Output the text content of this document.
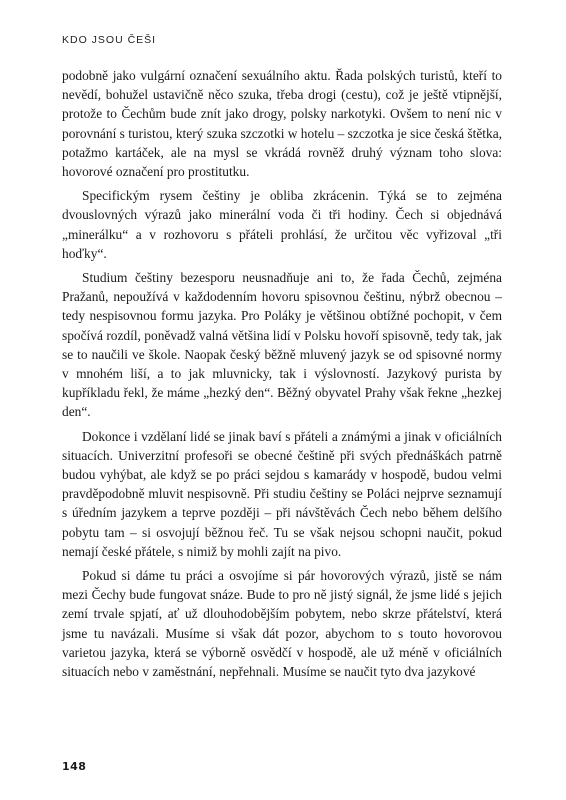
KDO JSOU ČEŠI

podobně jako vulgární označení sexuálního aktu. Řada polských turistů, kteří to nevědí, bohužel ustavičně něco szuka, třeba drogi (cestu), což je ještě vtipnější, protože to Čechům bude znít jako drogy, polsky narkotyki. Ovšem to není nic v porovnání s turistou, který szuka szczotki w hotelu – szczotka je sice česká štětka, potažmo kartáček, ale na mysl se vkrádá rovněž druhý význam toho slova: hovorové označení pro prostitutku.

Specifickým rysem češtiny je obliba zkrácenin. Týká se to zejména dvouslovných výrazů jako minerální voda či tři hodiny. Čech si objednává „minerálku“ a v rozhovoru s přáteli prohlásí, že určitou věc vyřizoval „tři hoďky“.

Studium češtiny bezesporu neusnadňuje ani to, že řada Čechů, zejména Pražanů, nepoužívá v každodenním hovoru spisovnou češtinu, nýbrž obecnou – tedy nespisovnou formu jazyka. Pro Poláky je většinou obtížné pochopit, v čem spočívá rozdíl, poněvadž valná většina lidí v Polsku hovoří spisovně, tedy tak, jak se to naučili ve škole. Naopak český běžně mluvený jazyk se od spisovné normy v mnohém liší, a to jak mluvnicky, tak i výslovností. Jazykový purista by kupříkladu řekl, že máme „hezký den“. Běžný obyvatel Prahy však řekne „hezkej den“.

Dokonce i vzdělaní lidé se jinak baví s přáteli a známými a jinak v oficiálních situacích. Univerzitní profesoři se obecné češtině při svých přednáškách patrně budou vyhýbat, ale když se po práci sejdou s kamarády v hospodě, budou velmi pravděpodobně mluvit nespisovně. Při studiu češtiny se Poláci nejprve seznamují s úředním jazykem a teprve později – při návštěvách Čech nebo během delšího pobytu tam – si osvojují běžnou řeč. Tu se však nejsou schopni naučit, pokud nemají české přátele, s nimiž by mohli zajít na pivo.

Pokud si dáme tu práci a osvojíme si pár hovorových výrazů, jistě se nám mezi Čechy bude fungovat snáze. Bude to pro ně jistý signál, že jsme lidé s jejich zemí trvale spjatí, ať už dlouhodobějším pobytem, nebo skrze přátelství, která jsme tu navázali. Musíme si však dát pozor, abychom to s touto hovorovou varietou jazyka, která se výborně osvědčí v hospodě, ale už méně v oficiálních situacích nebo v zaměstnání, nepřehnali. Musíme se naučit tyto dva jazykové

148
